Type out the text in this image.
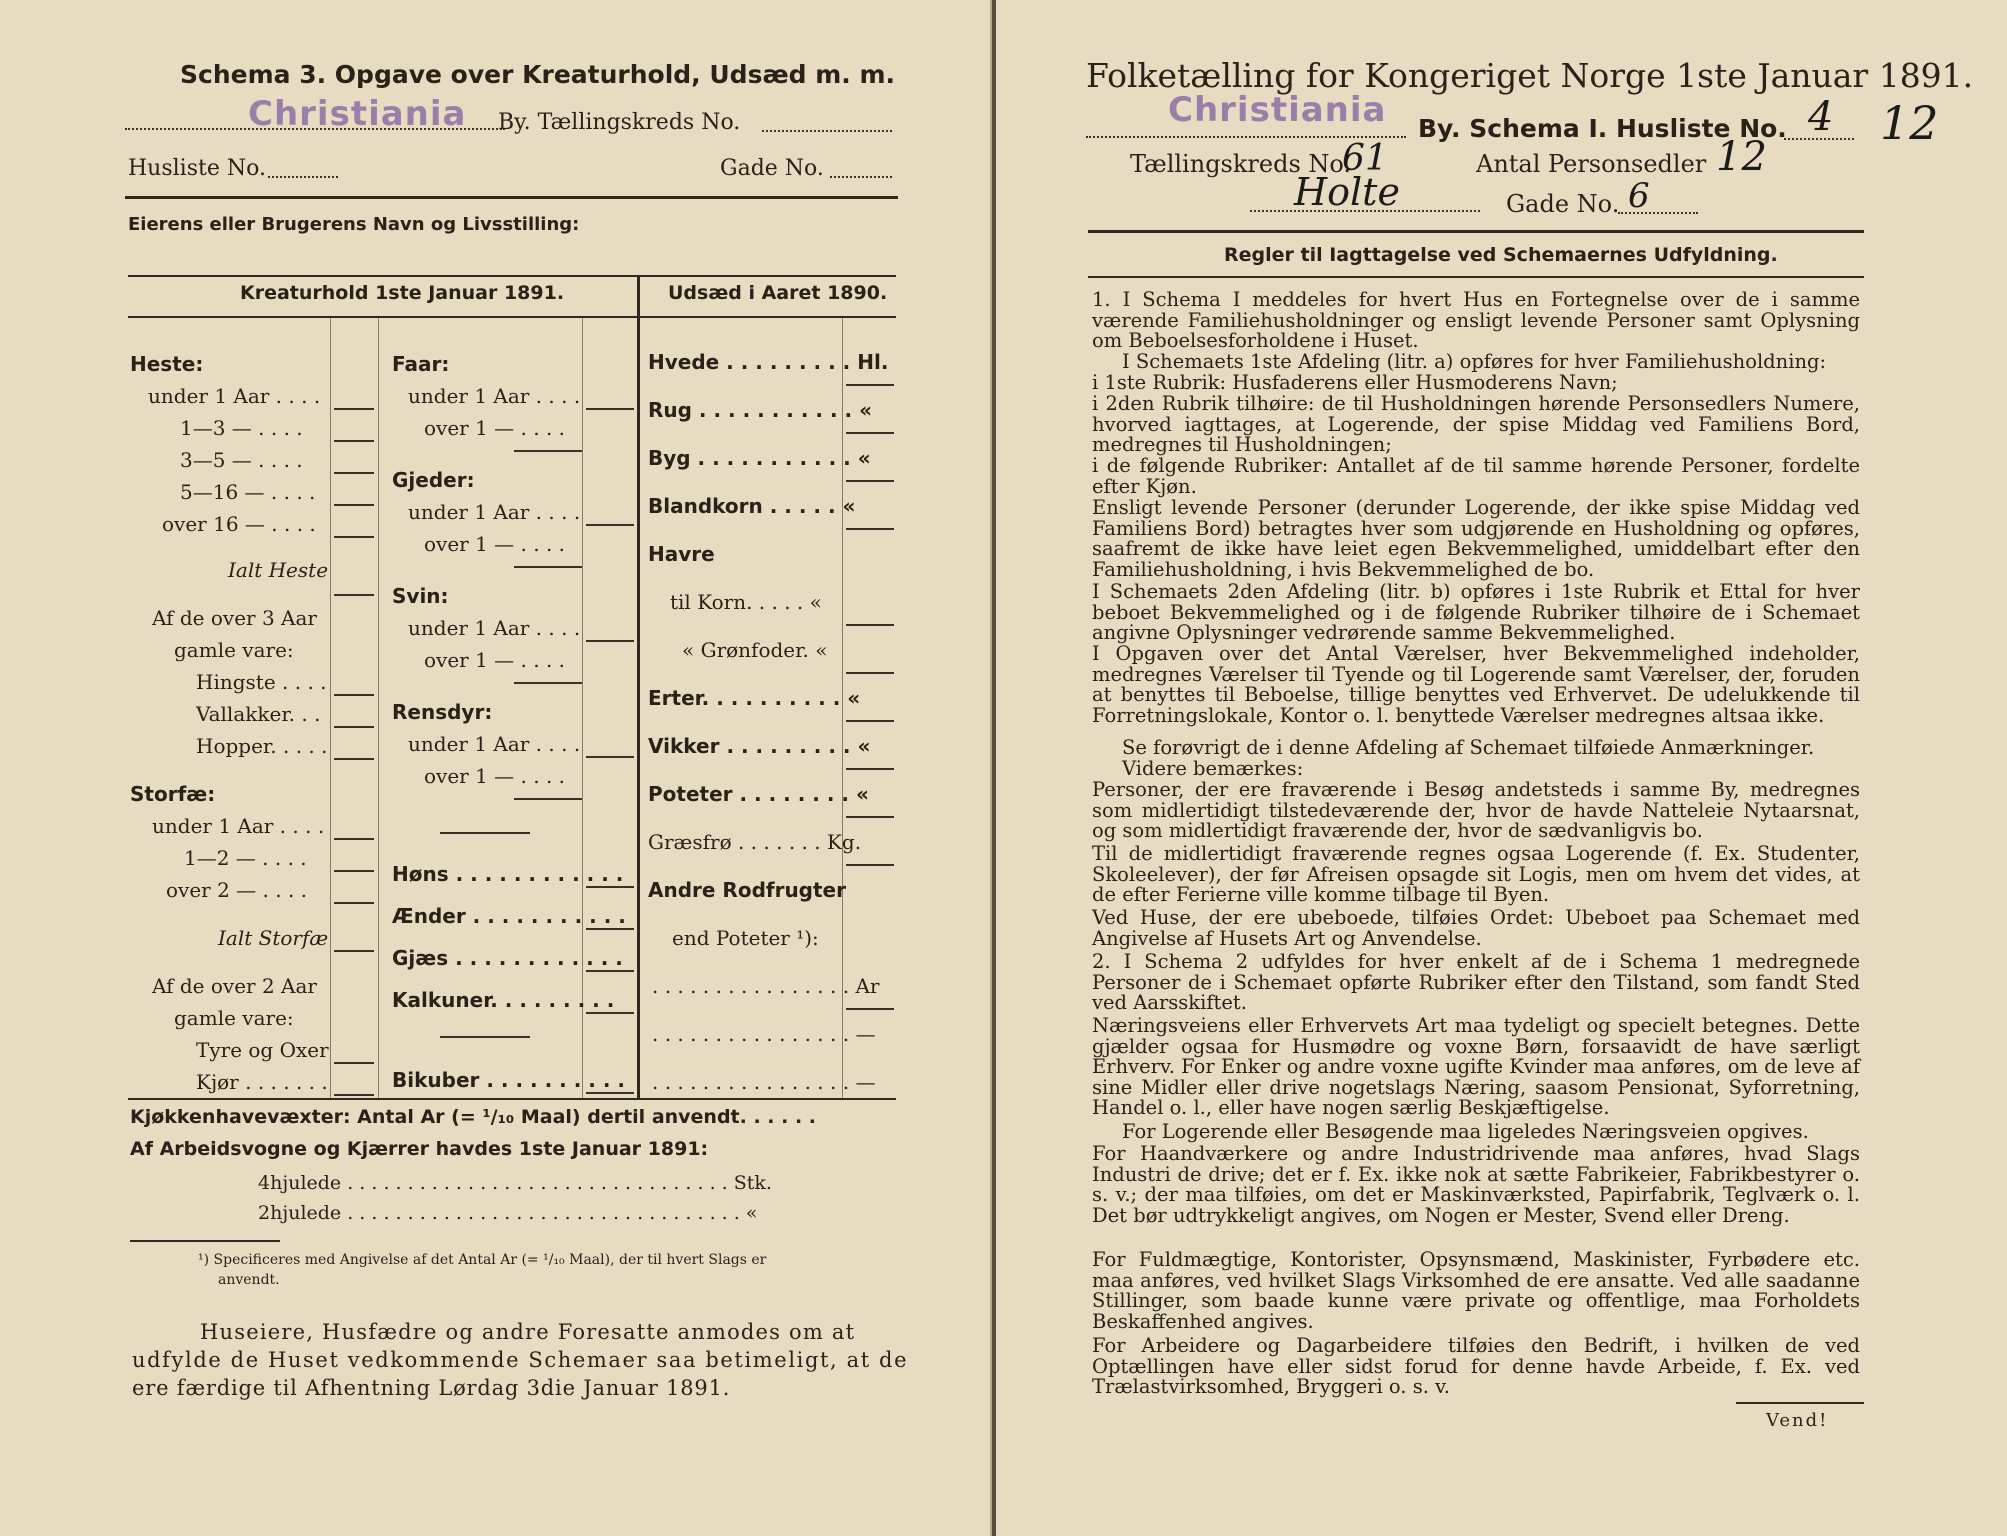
Schema 3. Opgave over Kreaturhold, Udsæd m. m.
Christiania By. Tællingskreds No.
Husliste No.	Gade No.
Eierens eller Brugerens Navn og Livsstilling:
Kreaturhold 1ste Januar 1891.	Udsæd i Aaret 1890.
Heste:
under 1 Aar . . . .
1—3 — . . . .
3—5 — . . . .
5—16 — . . . .
over 16 — . . . .
Ialt Heste
Af de over 3 Aar
gamle vare:
Hingste . . . .
Vallakker. . .
Hopper. . . . .
Storfæ:
under 1 Aar . . . .
1—2 — . . . .
over 2 — . . . .
Ialt Storfæ
Af de over 2 Aar
gamle vare:
Tyre og Oxer
Kjør . . . . . . .
Faar:
under 1 Aar . . . .
over 1 — . . . .
Gjeder:
under 1 Aar . . . .
over 1 — . . . .
Svin:
under 1 Aar . . . .
over 1 — . . . .
Rensdyr:
under 1 Aar . . . .
over 1 — . . . .
Høns . . . . . . . . . . . .
Ænder . . . . . . . . . . .
Gjæs . . . . . . . . . . . .
Kalkuner. . . . . . . . .
Bikuber . . . . . . . . . .
Hvede . . . . . . . . . Hl.
Rug . . . . . . . . . . . «
Byg . . . . . . . . . . . «
Blandkorn . . . . . «
Havre
til Korn. . . . . «
« Grønfoder. «
Erter. . . . . . . . . . «
Vikker . . . . . . . . . «
Poteter . . . . . . . . «
Græsfrø . . . . . . . Kg.
Andre Rodfrugter
end Poteter ¹):
. . . . . . . . . . . . . . . . Ar
. . . . . . . . . . . . . . . . —
. . . . . . . . . . . . . . . . —
Kjøkkenhavevæxter: Antal Ar (= ¹/₁₀ Maal) dertil anvendt. . . . . .
Af Arbeidsvogne og Kjærrer havdes 1ste Januar 1891:
4hjulede . . . . . . . . . . . . . . . . . . . . . . . . . . . . . . . . Stk.
2hjulede . . . . . . . . . . . . . . . . . . . . . . . . . . . . . . . . . «
¹) Specificeres med Angivelse af det Antal Ar (= ¹/₁₀ Maal), der til hvert Slags er
anvendt.
Huseiere, Husfædre og andre Foresatte anmodes om at
udfylde de Huset vedkommende Schemaer saa betimeligt, at de
ere færdige til Afhentning Lørdag 3die Januar 1891.
Folketælling for Kongeriget Norge 1ste Januar 1891.
Christiania By. Schema I. Husliste No. 4 12
Tællingskreds No.
61	Antal Personsedler 12
Holte	Gade No. 6
Regler til Iagttagelse ved Schemaernes Udfyldning.
1. I Schema I meddeles for hvert Hus en Fortegnelse over de i samme værende Familiehusholdninger og ensligt levende Personer samt Oplysning om Beboelsesforholdene i Huset.
I Schemaets 1ste Afdeling (litr. a) opføres for hver Familiehusholdning:
i 1ste Rubrik: Husfaderens eller Husmoderens Navn;
i 2den Rubrik tilhøire: de til Husholdningen hørende Personsedlers Numere, hvorved iagttages, at Logerende, der spise Middag ved Familiens Bord, medregnes til Husholdningen;
i de følgende Rubriker: Antallet af de til samme hørende Personer, fordelte efter Kjøn.
Ensligt levende Personer (derunder Logerende, der ikke spise Middag ved Familiens Bord) betragtes hver som udgjørende en Husholdning og opføres, saafremt de ikke have leiet egen Bekvemmelighed, umiddelbart efter den Familiehusholdning, i hvis Bekvemmelighed de bo.
I Schemaets 2den Afdeling (litr. b) opføres i 1ste Rubrik et Ettal for hver beboet Bekvemmelighed og i de følgende Rubriker tilhøire de i Schemaet angivne Oplysninger vedrørende samme Bekvemmelighed.
I Opgaven over det Antal Værelser, hver Bekvemmelighed indeholder, medregnes Værelser til Tyende og til Logerende samt Værelser, der, foruden at benyttes til Beboelse, tillige benyttes ved Erhvervet. De udelukkende til Forretningslokale, Kontor o. l. benyttede Værelser medregnes altsaa ikke.
Se forøvrigt de i denne Afdeling af Schemaet tilføiede Anmærkninger.
Videre bemærkes:
Personer, der ere fraværende i Besøg andetsteds i samme By, medregnes som midlertidigt tilstedeværende der, hvor de havde Natteleie Nytaarsnat, og som midlertidigt fraværende der, hvor de sædvanligvis bo.
Til de midlertidigt fraværende regnes ogsaa Logerende (f. Ex. Studenter, Skoleelever), der før Afreisen opsagde sit Logis, men om hvem det vides, at de efter Ferierne ville komme tilbage til Byen.
Ved Huse, der ere ubeboede, tilføies Ordet: Ubeboet paa Schemaet med Angivelse af Husets Art og Anvendelse.
2. I Schema 2 udfyldes for hver enkelt af de i Schema 1 medregnede Personer de i Schemaet opførte Rubriker efter den Tilstand, som fandt Sted ved Aarsskiftet.
Næringsveiens eller Erhvervets Art maa tydeligt og specielt betegnes. Dette gjælder ogsaa for Husmødre og voxne Børn, forsaavidt de have særligt Erhverv. For Enker og andre voxne ugifte Kvinder maa anføres, om de leve af sine Midler eller drive nogetslags Næring, saasom Pensionat, Syforretning, Handel o. l., eller have nogen særlig Beskjæftigelse.
For Logerende eller Besøgende maa ligeledes Næringsveien opgives.
For Haandværkere og andre Industridrivende maa anføres, hvad Slags Industri de drive; det er f. Ex. ikke nok at sætte Fabrikeier, Fabrikbestyrer o. s. v.; der maa tilføies, om det er Maskinværksted, Papirfabrik, Teglværk o. l. Det bør udtrykkeligt angives, om Nogen er Mester, Svend eller Dreng.
For Fuldmægtige, Kontorister, Opsynsmænd, Maskinister, Fyrbødere etc. maa anføres, ved hvilket Slags Virksomhed de ere ansatte. Ved alle saadanne Stillinger, som baade kunne være private og offentlige, maa Forholdets Beskaffenhed angives.
For Arbeidere og Dagarbeidere tilføies den Bedrift, i hvilken de ved Optællingen have eller sidst forud for denne havde Arbeide, f. Ex. ved Trælastvirksomhed, Bryggeri o. s. v.
Vend!
